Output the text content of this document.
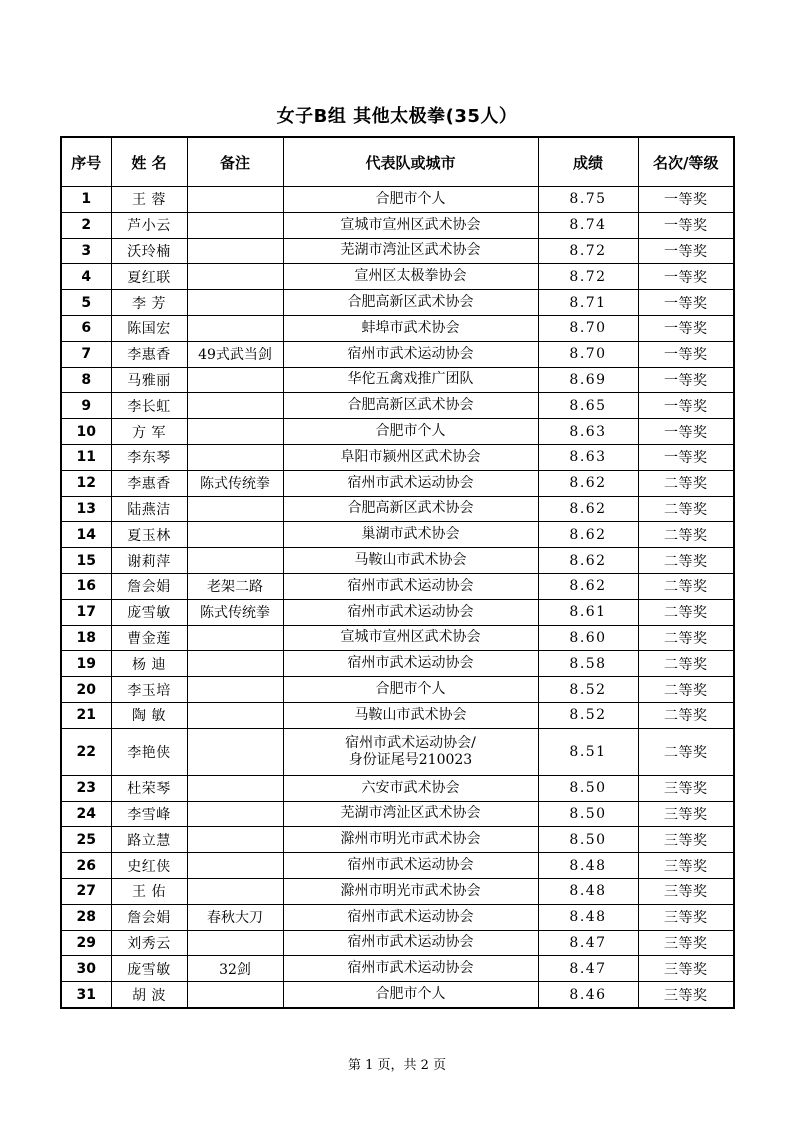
女子B组 其他太极拳(35人）
序号	姓 名	备注	代表队或城市	成绩	名次/等级
1	王 蓉		合肥市个人	8.75	一等奖
2	芦小云		宣城市宣州区武术协会	8.74	一等奖
3	沃玲楠		芜湖市湾沚区武术协会	8.72	一等奖
4	夏红联		宣州区太极拳协会	8.72	一等奖
5	李 芳		合肥高新区武术协会	8.71	一等奖
6	陈国宏		蚌埠市武术协会	8.70	一等奖
7	李惠香	49式武当剑	宿州市武术运动协会	8.70	一等奖
8	马雅丽		华佗五禽戏推广团队	8.69	一等奖
9	李长虹		合肥高新区武术协会	8.65	一等奖
10	方 军		合肥市个人	8.63	一等奖
11	李东琴		阜阳市颍州区武术协会	8.63	一等奖
12	李惠香	陈式传统拳	宿州市武术运动协会	8.62	二等奖
13	陆燕洁		合肥高新区武术协会	8.62	二等奖
14	夏玉林		巢湖市武术协会	8.62	二等奖
15	谢莉萍		马鞍山市武术协会	8.62	二等奖
16	詹会娟	老架二路	宿州市武术运动协会	8.62	二等奖
17	庞雪敏	陈式传统拳	宿州市武术运动协会	8.61	二等奖
18	曹金莲		宣城市宣州区武术协会	8.60	二等奖
19	杨 迪		宿州市武术运动协会	8.58	二等奖
20	李玉培		合肥市个人	8.52	二等奖
21	陶 敏		马鞍山市武术协会	8.52	二等奖
22	李艳侠		宿州市武术运动协会/
身份证尾号210023	8.51	二等奖
23	杜荣琴		六安市武术协会	8.50	三等奖
24	李雪峰		芜湖市湾沚区武术协会	8.50	三等奖
25	路立慧		滁州市明光市武术协会	8.50	三等奖
26	史红侠		宿州市武术运动协会	8.48	三等奖
27	王 佑		滁州市明光市武术协会	8.48	三等奖
28	詹会娟	春秋大刀	宿州市武术运动协会	8.48	三等奖
29	刘秀云		宿州市武术运动协会	8.47	三等奖
30	庞雪敏	32剑	宿州市武术运动协会	8.47	三等奖
31	胡 波		合肥市个人	8.46	三等奖
第 1 页，共 2 页
